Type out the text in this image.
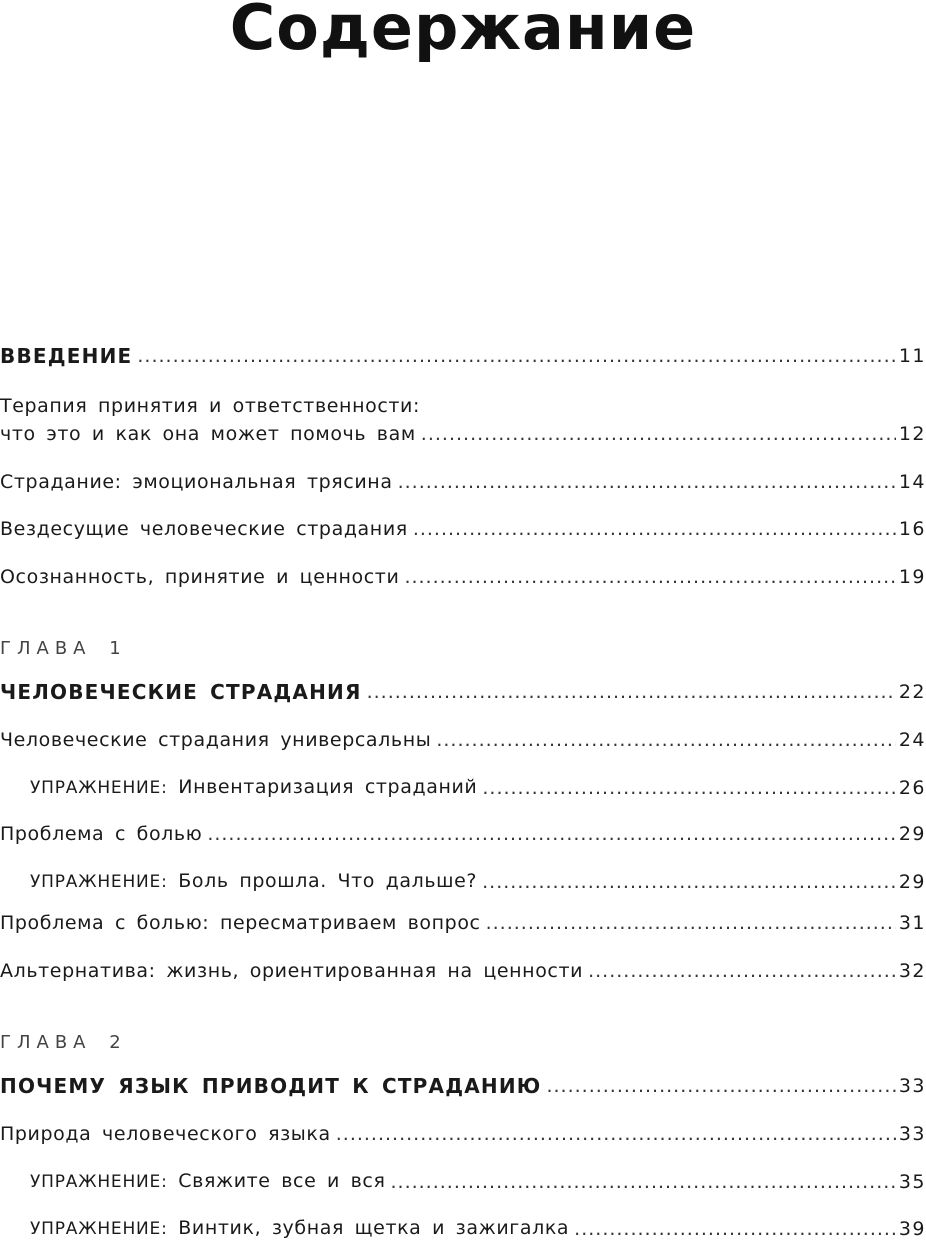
Содержание
ВВЕДЕНИЕ .....	11
Терапия принятия и ответственности:
что это и как она может помочь вам .....	12
Страдание: эмоциональная трясина .....	14
Вездесущие человеческие страдания .....	16
Осознанность, принятие и ценности .....	19
ГЛАВА 1
ЧЕЛОВЕЧЕСКИЕ СТРАДАНИЯ .....	22
Человеческие страдания универсальны .....	24
УПРАЖНЕНИЕ: Инвентаризация страданий .....	26
Проблема с болью .....	29
УПРАЖНЕНИЕ: Боль прошла. Что дальше? .....	29
Проблема с болью: пересматриваем вопрос .....	31
Альтернатива: жизнь, ориентированная на ценности .....	32
ГЛАВА 2
ПОЧЕМУ ЯЗЫК ПРИВОДИТ К СТРАДАНИЮ .....	33
Природа человеческого языка .....	33
УПРАЖНЕНИЕ: Свяжите все и вся .....	35
УПРАЖНЕНИЕ: Винтик, зубная щетка и зажигалка .....	39
